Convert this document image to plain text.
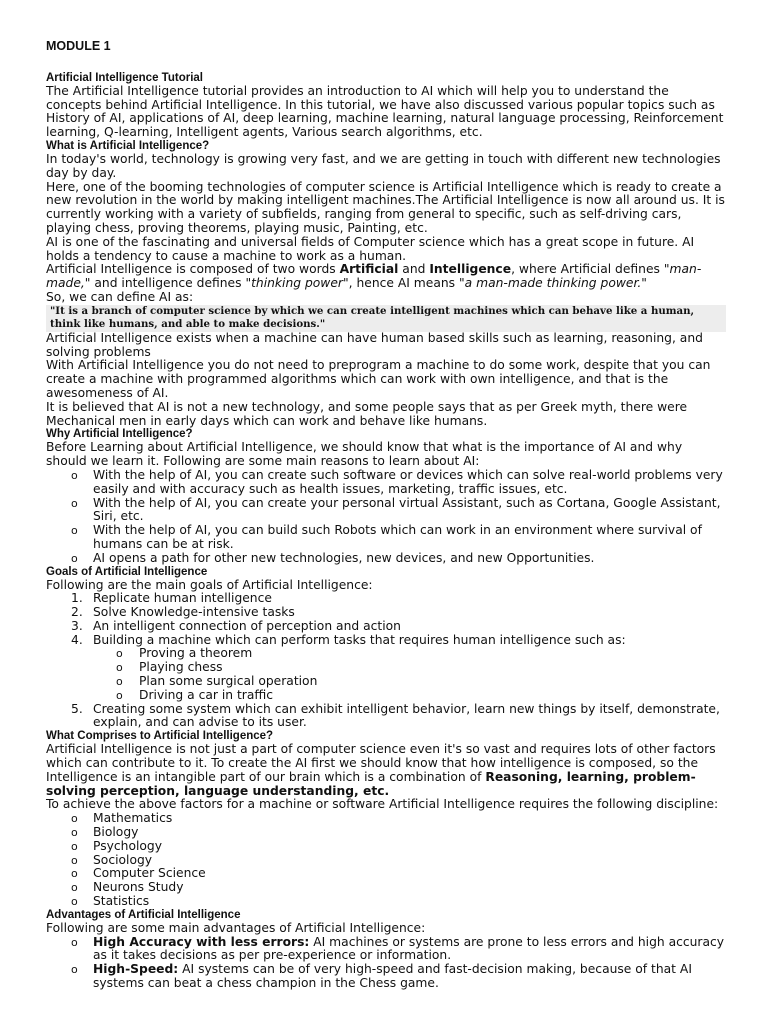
MODULE 1

Artificial Intelligence Tutorial

The Artificial Intelligence tutorial provides an introduction to AI which will help you to understand the concepts behind Artificial Intelligence. In this tutorial, we have also discussed various popular topics such as History of AI, applications of AI, deep learning, machine learning, natural language processing, Reinforcement learning, Q-learning, Intelligent agents, Various search algorithms, etc.

What is Artificial Intelligence?

In today's world, technology is growing very fast, and we are getting in touch with different new technologies day by day.

Here, one of the booming technologies of computer science is Artificial Intelligence which is ready to create a new revolution in the world by making intelligent machines.The Artificial Intelligence is now all around us. It is currently working with a variety of subfields, ranging from general to specific, such as self-driving cars, playing chess, proving theorems, playing music, Painting, etc.

AI is one of the fascinating and universal fields of Computer science which has a great scope in future. AI holds a tendency to cause a machine to work as a human.

Artificial Intelligence is composed of two words Artificial and Intelligence, where Artificial defines "man-made," and intelligence defines "thinking power", hence AI means "a man-made thinking power."

So, we can define AI as:

"It is a branch of computer science by which we can create intelligent machines which can behave like a human, think like humans, and able to make decisions."

Artificial Intelligence exists when a machine can have human based skills such as learning, reasoning, and solving problems

With Artificial Intelligence you do not need to preprogram a machine to do some work, despite that you can create a machine with programmed algorithms which can work with own intelligence, and that is the awesomeness of AI.

It is believed that AI is not a new technology, and some people says that as per Greek myth, there were Mechanical men in early days which can work and behave like humans.

Why Artificial Intelligence?

Before Learning about Artificial Intelligence, we should know that what is the importance of AI and why should we learn it. Following are some main reasons to learn about AI:

o With the help of AI, you can create such software or devices which can solve real-world problems very easily and with accuracy such as health issues, marketing, traffic issues, etc.
o With the help of AI, you can create your personal virtual Assistant, such as Cortana, Google Assistant, Siri, etc.
o With the help of AI, you can build such Robots which can work in an environment where survival of humans can be at risk.
o AI opens a path for other new technologies, new devices, and new Opportunities.

Goals of Artificial Intelligence

Following are the main goals of Artificial Intelligence:

1. Replicate human intelligence
2. Solve Knowledge-intensive tasks
3. An intelligent connection of perception and action
4. Building a machine which can perform tasks that requires human intelligence such as:
o Proving a theorem
o Playing chess
o Plan some surgical operation
o Driving a car in traffic
5. Creating some system which can exhibit intelligent behavior, learn new things by itself, demonstrate, explain, and can advise to its user.

What Comprises to Artificial Intelligence?

Artificial Intelligence is not just a part of computer science even it's so vast and requires lots of other factors which can contribute to it. To create the AI first we should know that how intelligence is composed, so the Intelligence is an intangible part of our brain which is a combination of Reasoning, learning, problem-solving perception, language understanding, etc.

To achieve the above factors for a machine or software Artificial Intelligence requires the following discipline:

o Mathematics
o Biology
o Psychology
o Sociology
o Computer Science
o Neurons Study
o Statistics

Advantages of Artificial Intelligence

Following are some main advantages of Artificial Intelligence:

o High Accuracy with less errors: AI machines or systems are prone to less errors and high accuracy as it takes decisions as per pre-experience or information.
o High-Speed: AI systems can be of very high-speed and fast-decision making, because of that AI systems can beat a chess champion in the Chess game.
